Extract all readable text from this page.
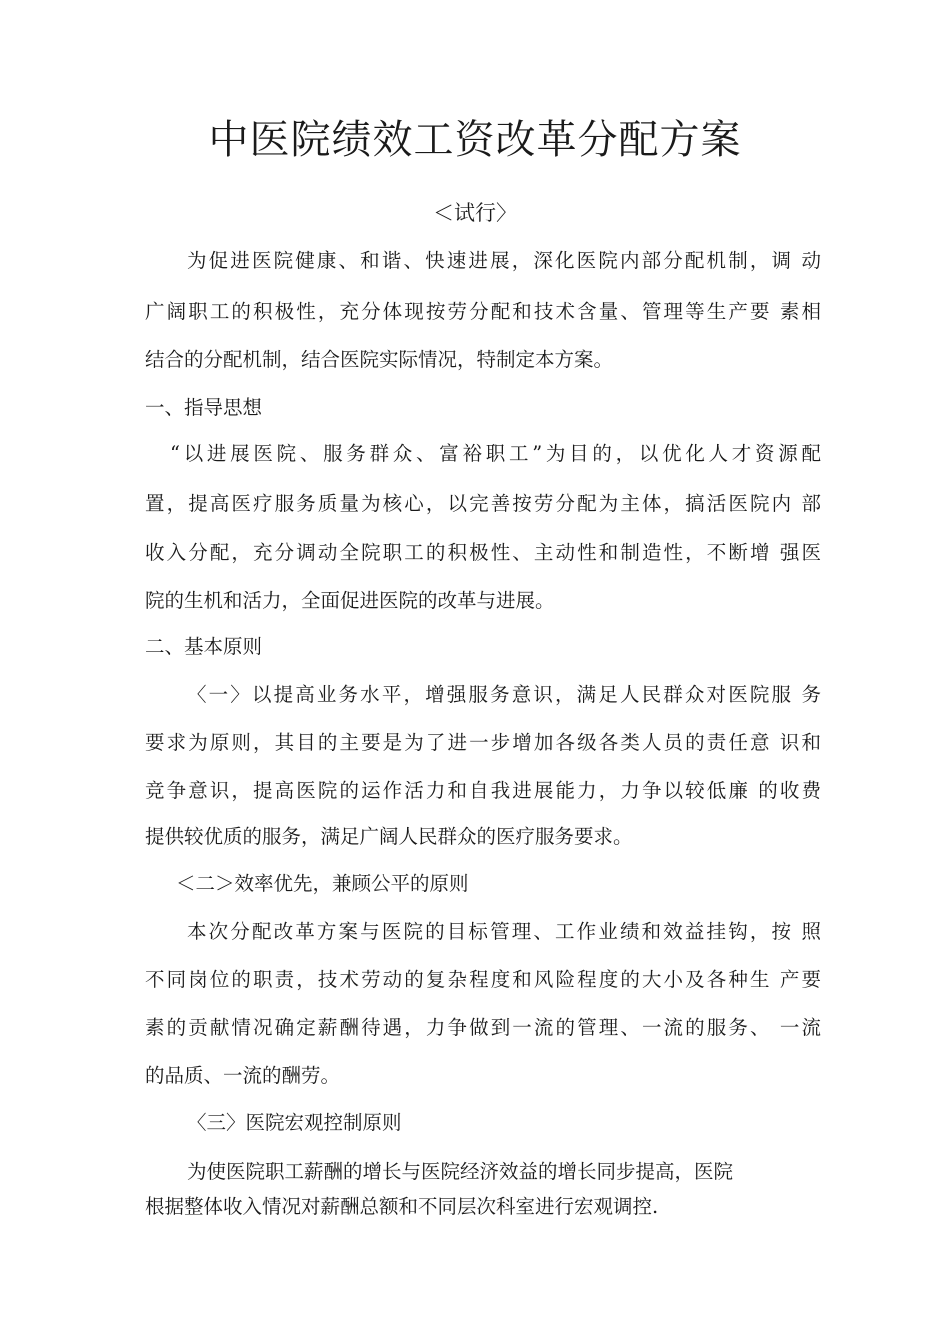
中医院绩效工资改革分配方案
＜试行〉

为促进医院健康、和谐、快速进展，深化医院内部分配机制，调 动

广阔职工的积极性，充分体现按劳分配和技术含量、管理等生产要 素相

结合的分配机制，结合医院实际情况，特制定本方案。

一、指导思想

“以进展医院、服务群众、富裕职工”为目的，以优化人才资源配

置，提高医疗服务质量为核心，以完善按劳分配为主体，搞活医院内 部

收入分配，充分调动全院职工的积极性、主动性和制造性，不断增 强医

院的生机和活力，全面促进医院的改革与进展。

二、基本原则

〈一〉以提高业务水平，增强服务意识，满足人民群众对医院服 务

要求为原则，其目的主要是为了进一步增加各级各类人员的责任意 识和

竞争意识，提高医院的运作活力和自我进展能力，力争以较低廉 的收费

提供较优质的服务，满足广阔人民群众的医疗服务要求。

＜二＞效率优先，兼顾公平的原则

本次分配改革方案与医院的目标管理、工作业绩和效益挂钩，按 照

不同岗位的职责，技术劳动的复杂程度和风险程度的大小及各种生 产要

素的贡献情况确定薪酬待遇，力争做到一流的管理、一流的服务、 一流

的品质、一流的酬劳。

〈三〉医院宏观控制原则

为使医院职工薪酬的增长与医院经济效益的增长同步提高，医院

根据整体收入情况对薪酬总额和不同层次科室进行宏观调控.
